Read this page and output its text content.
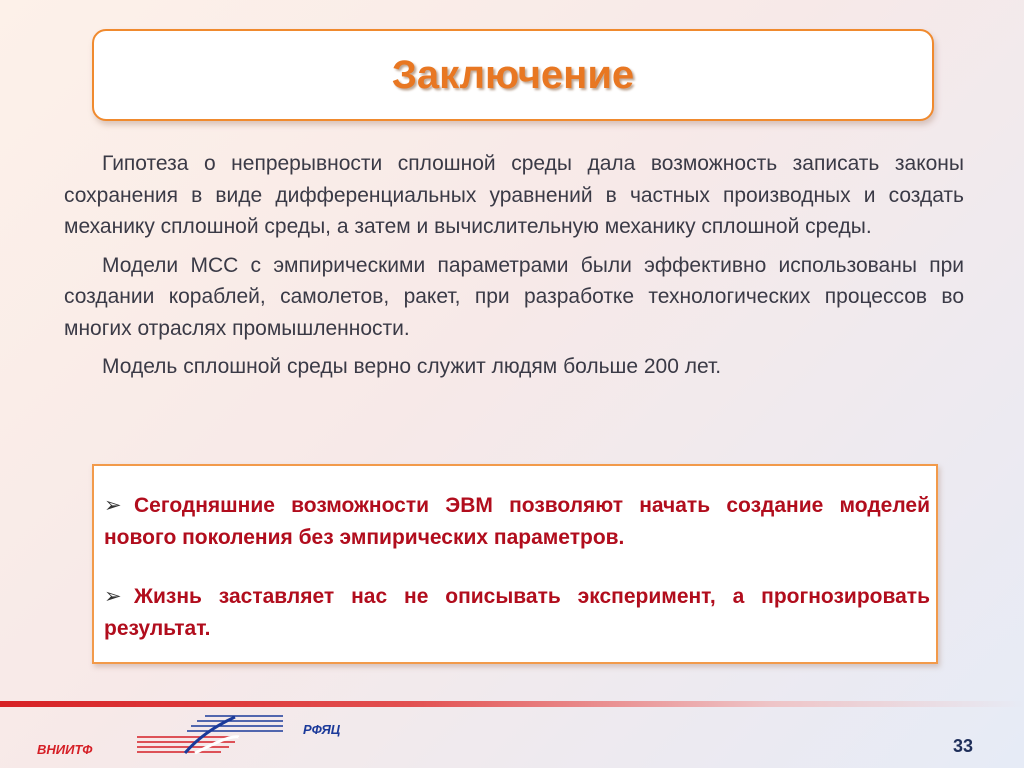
Заключение

Гипотеза о непрерывности сплошной среды дала возможность записать законы сохранения в виде дифференциальных уравнений в частных производных и создать механику сплошной среды, а затем и вычислительную механику сплошной среды.

Модели МСС с эмпирическими параметрами были эффективно использованы при создании кораблей, самолетов, ракет, при разработке технологических процессов во многих отраслях промышленности.

Модель сплошной среды верно служит людям больше 200 лет.

➢ Сегодняшние возможности ЭВМ позволяют начать создание моделей нового поколения без эмпирических параметров.
➢ Жизнь заставляет нас не описывать эксперимент, а прогнозировать результат.
ВНИИТФ
РФЯЦ
33
